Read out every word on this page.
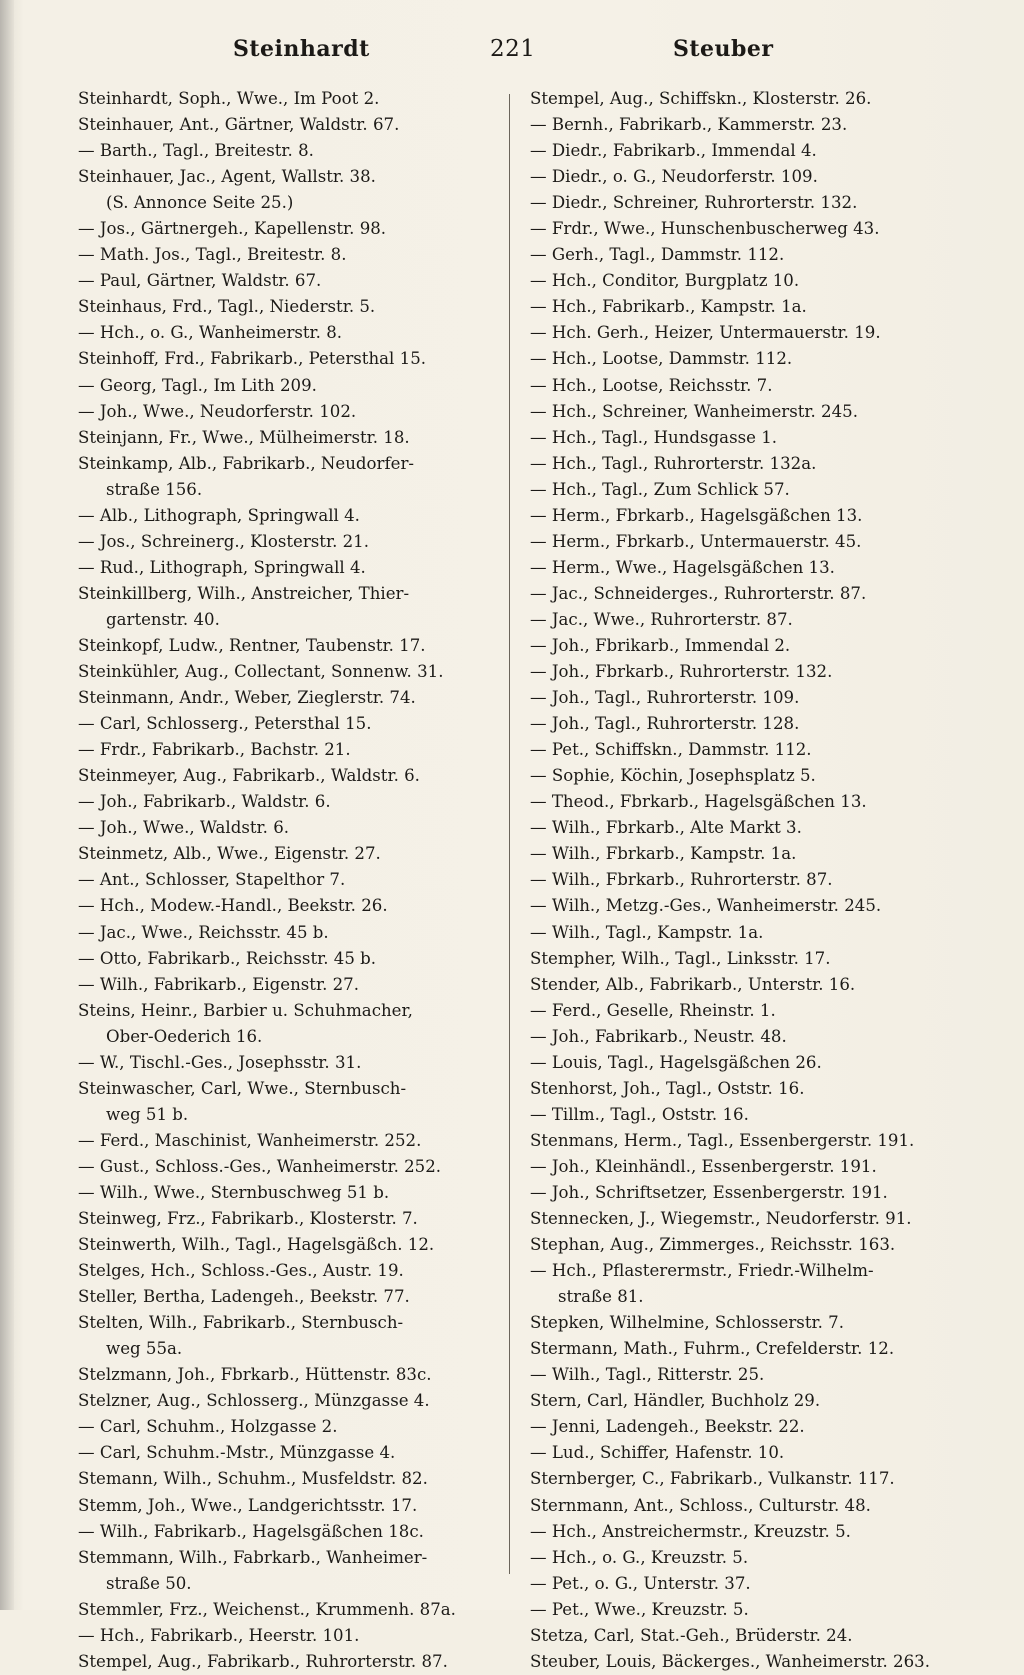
Steinhardt	221	Steuber
Steinhardt, Soph., Wwe., Im Poot 2.
Steinhauer, Ant., Gärtner, Waldstr. 67.
— Barth., Tagl., Breitestr. 8.
Steinhauer, Jac., Agent, Wallstr. 38.
(S. Annonce Seite 25.)
— Jos., Gärtnergeh., Kapellenstr. 98.
— Math. Jos., Tagl., Breitestr. 8.
— Paul, Gärtner, Waldstr. 67.
Steinhaus, Frd., Tagl., Niederstr. 5.
— Hch., o. G., Wanheimerstr. 8.
Steinhoff, Frd., Fabrikarb., Petersthal 15.
— Georg, Tagl., Im Lith 209.
— Joh., Wwe., Neudorferstr. 102.
Steinjann, Fr., Wwe., Mülheimerstr. 18.
Steinkamp, Alb., Fabrikarb., Neudorfer-
straße 156.
— Alb., Lithograph, Springwall 4.
— Jos., Schreinerg., Klosterstr. 21.
— Rud., Lithograph, Springwall 4.
Steinkillberg, Wilh., Anstreicher, Thier-
gartenstr. 40.
Steinkopf, Ludw., Rentner, Taubenstr. 17.
Steinkühler, Aug., Collectant, Sonnenw. 31.
Steinmann, Andr., Weber, Zieglerstr. 74.
— Carl, Schlosserg., Petersthal 15.
— Frdr., Fabrikarb., Bachstr. 21.
Steinmeyer, Aug., Fabrikarb., Waldstr. 6.
— Joh., Fabrikarb., Waldstr. 6.
— Joh., Wwe., Waldstr. 6.
Steinmetz, Alb., Wwe., Eigenstr. 27.
— Ant., Schlosser, Stapelthor 7.
— Hch., Modew.-Handl., Beekstr. 26.
— Jac., Wwe., Reichsstr. 45 b.
— Otto, Fabrikarb., Reichsstr. 45 b.
— Wilh., Fabrikarb., Eigenstr. 27.
Steins, Heinr., Barbier u. Schuhmacher,
Ober-Oederich 16.
— W., Tischl.-Ges., Josephsstr. 31.
Steinwascher, Carl, Wwe., Sternbusch-
weg 51 b.
— Ferd., Maschinist, Wanheimerstr. 252.
— Gust., Schloss.-Ges., Wanheimerstr. 252.
— Wilh., Wwe., Sternbuschweg 51 b.
Steinweg, Frz., Fabrikarb., Klosterstr. 7.
Steinwerth, Wilh., Tagl., Hagelsgäßch. 12.
Stelges, Hch., Schloss.-Ges., Austr. 19.
Steller, Bertha, Ladengeh., Beekstr. 77.
Stelten, Wilh., Fabrikarb., Sternbusch-
weg 55a.
Stelzmann, Joh., Fbrkarb., Hüttenstr. 83c.
Stelzner, Aug., Schlosserg., Münzgasse 4.
— Carl, Schuhm., Holzgasse 2.
— Carl, Schuhm.-Mstr., Münzgasse 4.
Stemann, Wilh., Schuhm., Musfeldstr. 82.
Stemm, Joh., Wwe., Landgerichtsstr. 17.
— Wilh., Fabrikarb., Hagelsgäßchen 18c.
Stemmann, Wilh., Fabrkarb., Wanheimer-
straße 50.
Stemmler, Frz., Weichenst., Krummenh. 87a.
— Hch., Fabrikarb., Heerstr. 101.
Stempel, Aug., Fabrikarb., Ruhrorterstr. 87.
Stempel, Aug., Schiffskn., Klosterstr. 26.
— Bernh., Fabrikarb., Kammerstr. 23.
— Diedr., Fabrikarb., Immendal 4.
— Diedr., o. G., Neudorferstr. 109.
— Diedr., Schreiner, Ruhrorterstr. 132.
— Frdr., Wwe., Hunschenbuscherweg 43.
— Gerh., Tagl., Dammstr. 112.
— Hch., Conditor, Burgplatz 10.
— Hch., Fabrikarb., Kampstr. 1a.
— Hch. Gerh., Heizer, Untermauerstr. 19.
— Hch., Lootse, Dammstr. 112.
— Hch., Lootse, Reichsstr. 7.
— Hch., Schreiner, Wanheimerstr. 245.
— Hch., Tagl., Hundsgasse 1.
— Hch., Tagl., Ruhrorterstr. 132a.
— Hch., Tagl., Zum Schlick 57.
— Herm., Fbrkarb., Hagelsgäßchen 13.
— Herm., Fbrkarb., Untermauerstr. 45.
— Herm., Wwe., Hagelsgäßchen 13.
— Jac., Schneiderges., Ruhrorterstr. 87.
— Jac., Wwe., Ruhrorterstr. 87.
— Joh., Fbrikarb., Immendal 2.
— Joh., Fbrkarb., Ruhrorterstr. 132.
— Joh., Tagl., Ruhrorterstr. 109.
— Joh., Tagl., Ruhrorterstr. 128.
— Pet., Schiffskn., Dammstr. 112.
— Sophie, Köchin, Josephsplatz 5.
— Theod., Fbrkarb., Hagelsgäßchen 13.
— Wilh., Fbrkarb., Alte Markt 3.
— Wilh., Fbrkarb., Kampstr. 1a.
— Wilh., Fbrkarb., Ruhrorterstr. 87.
— Wilh., Metzg.-Ges., Wanheimerstr. 245.
— Wilh., Tagl., Kampstr. 1a.
Stempher, Wilh., Tagl., Linksstr. 17.
Stender, Alb., Fabrikarb., Unterstr. 16.
— Ferd., Geselle, Rheinstr. 1.
— Joh., Fabrikarb., Neustr. 48.
— Louis, Tagl., Hagelsgäßchen 26.
Stenhorst, Joh., Tagl., Oststr. 16.
— Tillm., Tagl., Oststr. 16.
Stenmans, Herm., Tagl., Essenbergerstr. 191.
— Joh., Kleinhändl., Essenbergerstr. 191.
— Joh., Schriftsetzer, Essenbergerstr. 191.
Stennecken, J., Wiegemstr., Neudorferstr. 91.
Stephan, Aug., Zimmerges., Reichsstr. 163.
— Hch., Pflasterermstr., Friedr.-Wilhelm-
straße 81.
Stepken, Wilhelmine, Schlosserstr. 7.
Stermann, Math., Fuhrm., Crefelderstr. 12.
— Wilh., Tagl., Ritterstr. 25.
Stern, Carl, Händler, Buchholz 29.
— Jenni, Ladengeh., Beekstr. 22.
— Lud., Schiffer, Hafenstr. 10.
Sternberger, C., Fabrikarb., Vulkanstr. 117.
Sternmann, Ant., Schloss., Culturstr. 48.
— Hch., Anstreichermstr., Kreuzstr. 5.
— Hch., o. G., Kreuzstr. 5.
— Pet., o. G., Unterstr. 37.
— Pet., Wwe., Kreuzstr. 5.
Stetza, Carl, Stat.-Geh., Brüderstr. 24.
Steuber, Louis, Bäckerges., Wanheimerstr. 263.
